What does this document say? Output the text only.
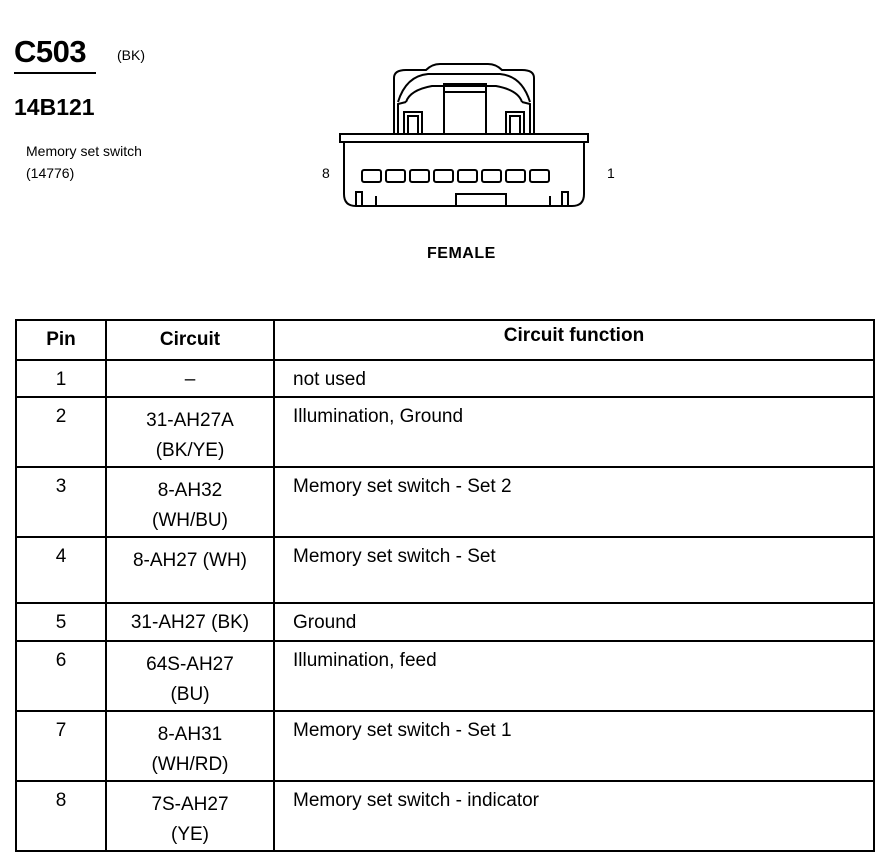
C503 (BK)
14B121
Memory set switch
(14776)	8	1
FEMALE
Pin	Circuit	Circuit function
1	–	not used
2	31-AH27A
(BK/YE)	Illumination, Ground
3	8-AH32
(WH/BU)	Memory set switch - Set 2
4	8-AH27 (WH)	Memory set switch - Set
5	31-AH27 (BK)	Ground
6	64S-AH27
(BU)	Illumination, feed
7	8-AH31
(WH/RD)	Memory set switch - Set 1
8	7S-AH27
(YE)	Memory set switch - indicator
